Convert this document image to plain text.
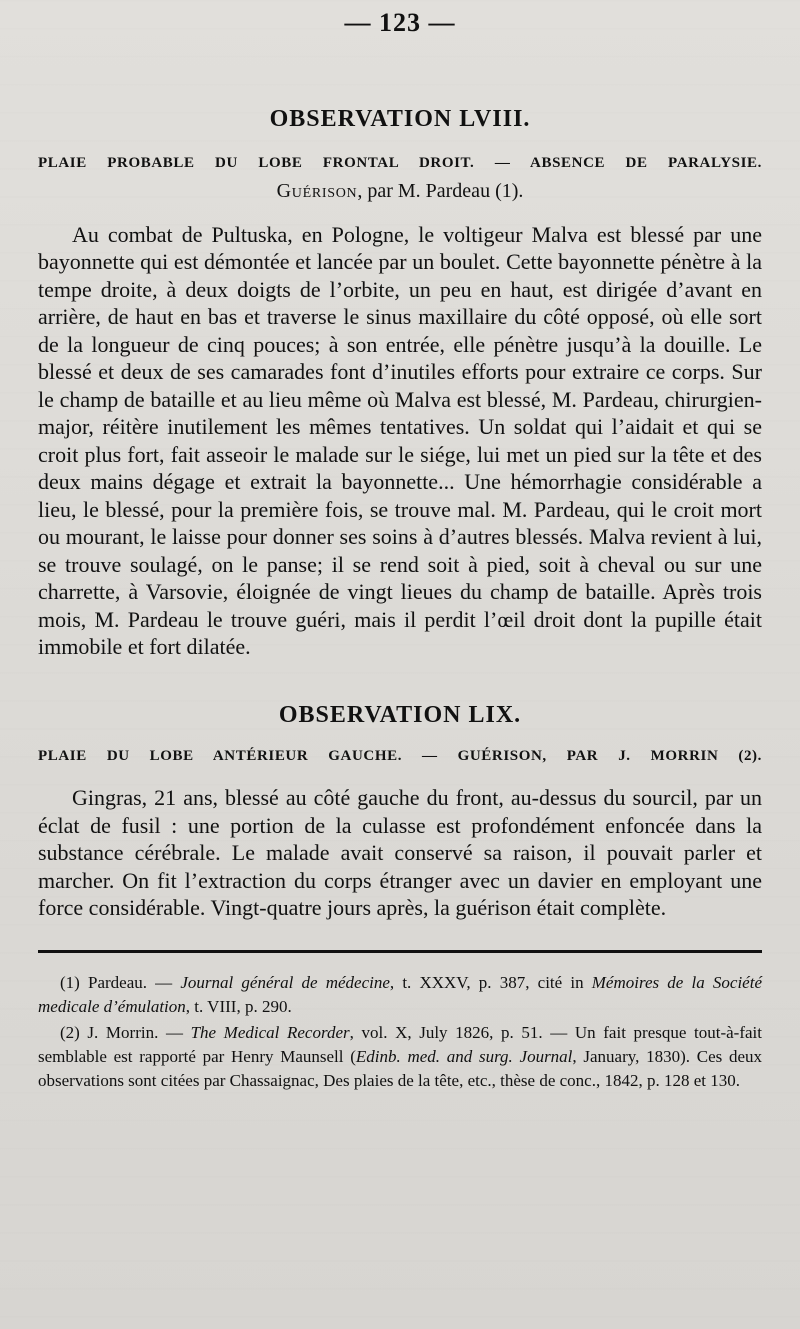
— 123 —
OBSERVATION LVIII.
PLAIE PROBABLE DU LOBE FRONTAL DROIT. — ABSENCE DE PARALYSIE.
Guérison, par M. Pardeau (1).

Au combat de Pultuska, en Pologne, le voltigeur Malva est blessé par une bayonnette qui est démontée et lancée par un boulet. Cette bayonnette pénètre à la tempe droite, à deux doigts de l’orbite, un peu en haut, est dirigée d’avant en arrière, de haut en bas et traverse le sinus maxillaire du côté opposé, où elle sort de la longueur de cinq pouces; à son entrée, elle pénètre jusqu’à la douille. Le blessé et deux de ses camarades font d’inutiles efforts pour extraire ce corps. Sur le champ de bataille et au lieu même où Malva est blessé, M. Pardeau, chirurgien-major, réitère inutilement les mêmes tentatives. Un soldat qui l’aidait et qui se croit plus fort, fait asseoir le malade sur le siége, lui met un pied sur la tête et des deux mains dégage et extrait la bayonnette... Une hémorrhagie considérable a lieu, le blessé, pour la première fois, se trouve mal. M. Pardeau, qui le croit mort ou mourant, le laisse pour donner ses soins à d’autres blessés. Malva revient à lui, se trouve soulagé, on le panse; il se rend soit à pied, soit à cheval ou sur une charrette, à Varsovie, éloignée de vingt lieues du champ de bataille. Après trois mois, M. Pardeau le trouve guéri, mais il perdit l’œil droit dont la pupille était immobile et fort dilatée.

OBSERVATION LIX.
PLAIE DU LOBE ANTÉRIEUR GAUCHE. — GUÉRISON, PAR J. MORRIN (2).

Gingras, 21 ans, blessé au côté gauche du front, au-dessus du sourcil, par un éclat de fusil : une portion de la culasse est profondément enfoncée dans la substance cérébrale. Le malade avait conservé sa raison, il pouvait parler et marcher. On fit l’extraction du corps étranger avec un davier en employant une force considérable. Vingt-quatre jours après, la guérison était complète.

(1) Pardeau. — Journal général de médecine, t. XXXV, p. 387, cité in Mémoires de la Société medicale d’émulation, t. VIII, p. 290.

(2) J. Morrin. — The Medical Recorder, vol. X, July 1826, p. 51. — Un fait presque tout-à-fait semblable est rapporté par Henry Maunsell (Edinb. med. and surg. Journal, January, 1830). Ces deux observations sont citées par Chassaignac, Des plaies de la tête, etc., thèse de conc., 1842, p. 128 et 130.
